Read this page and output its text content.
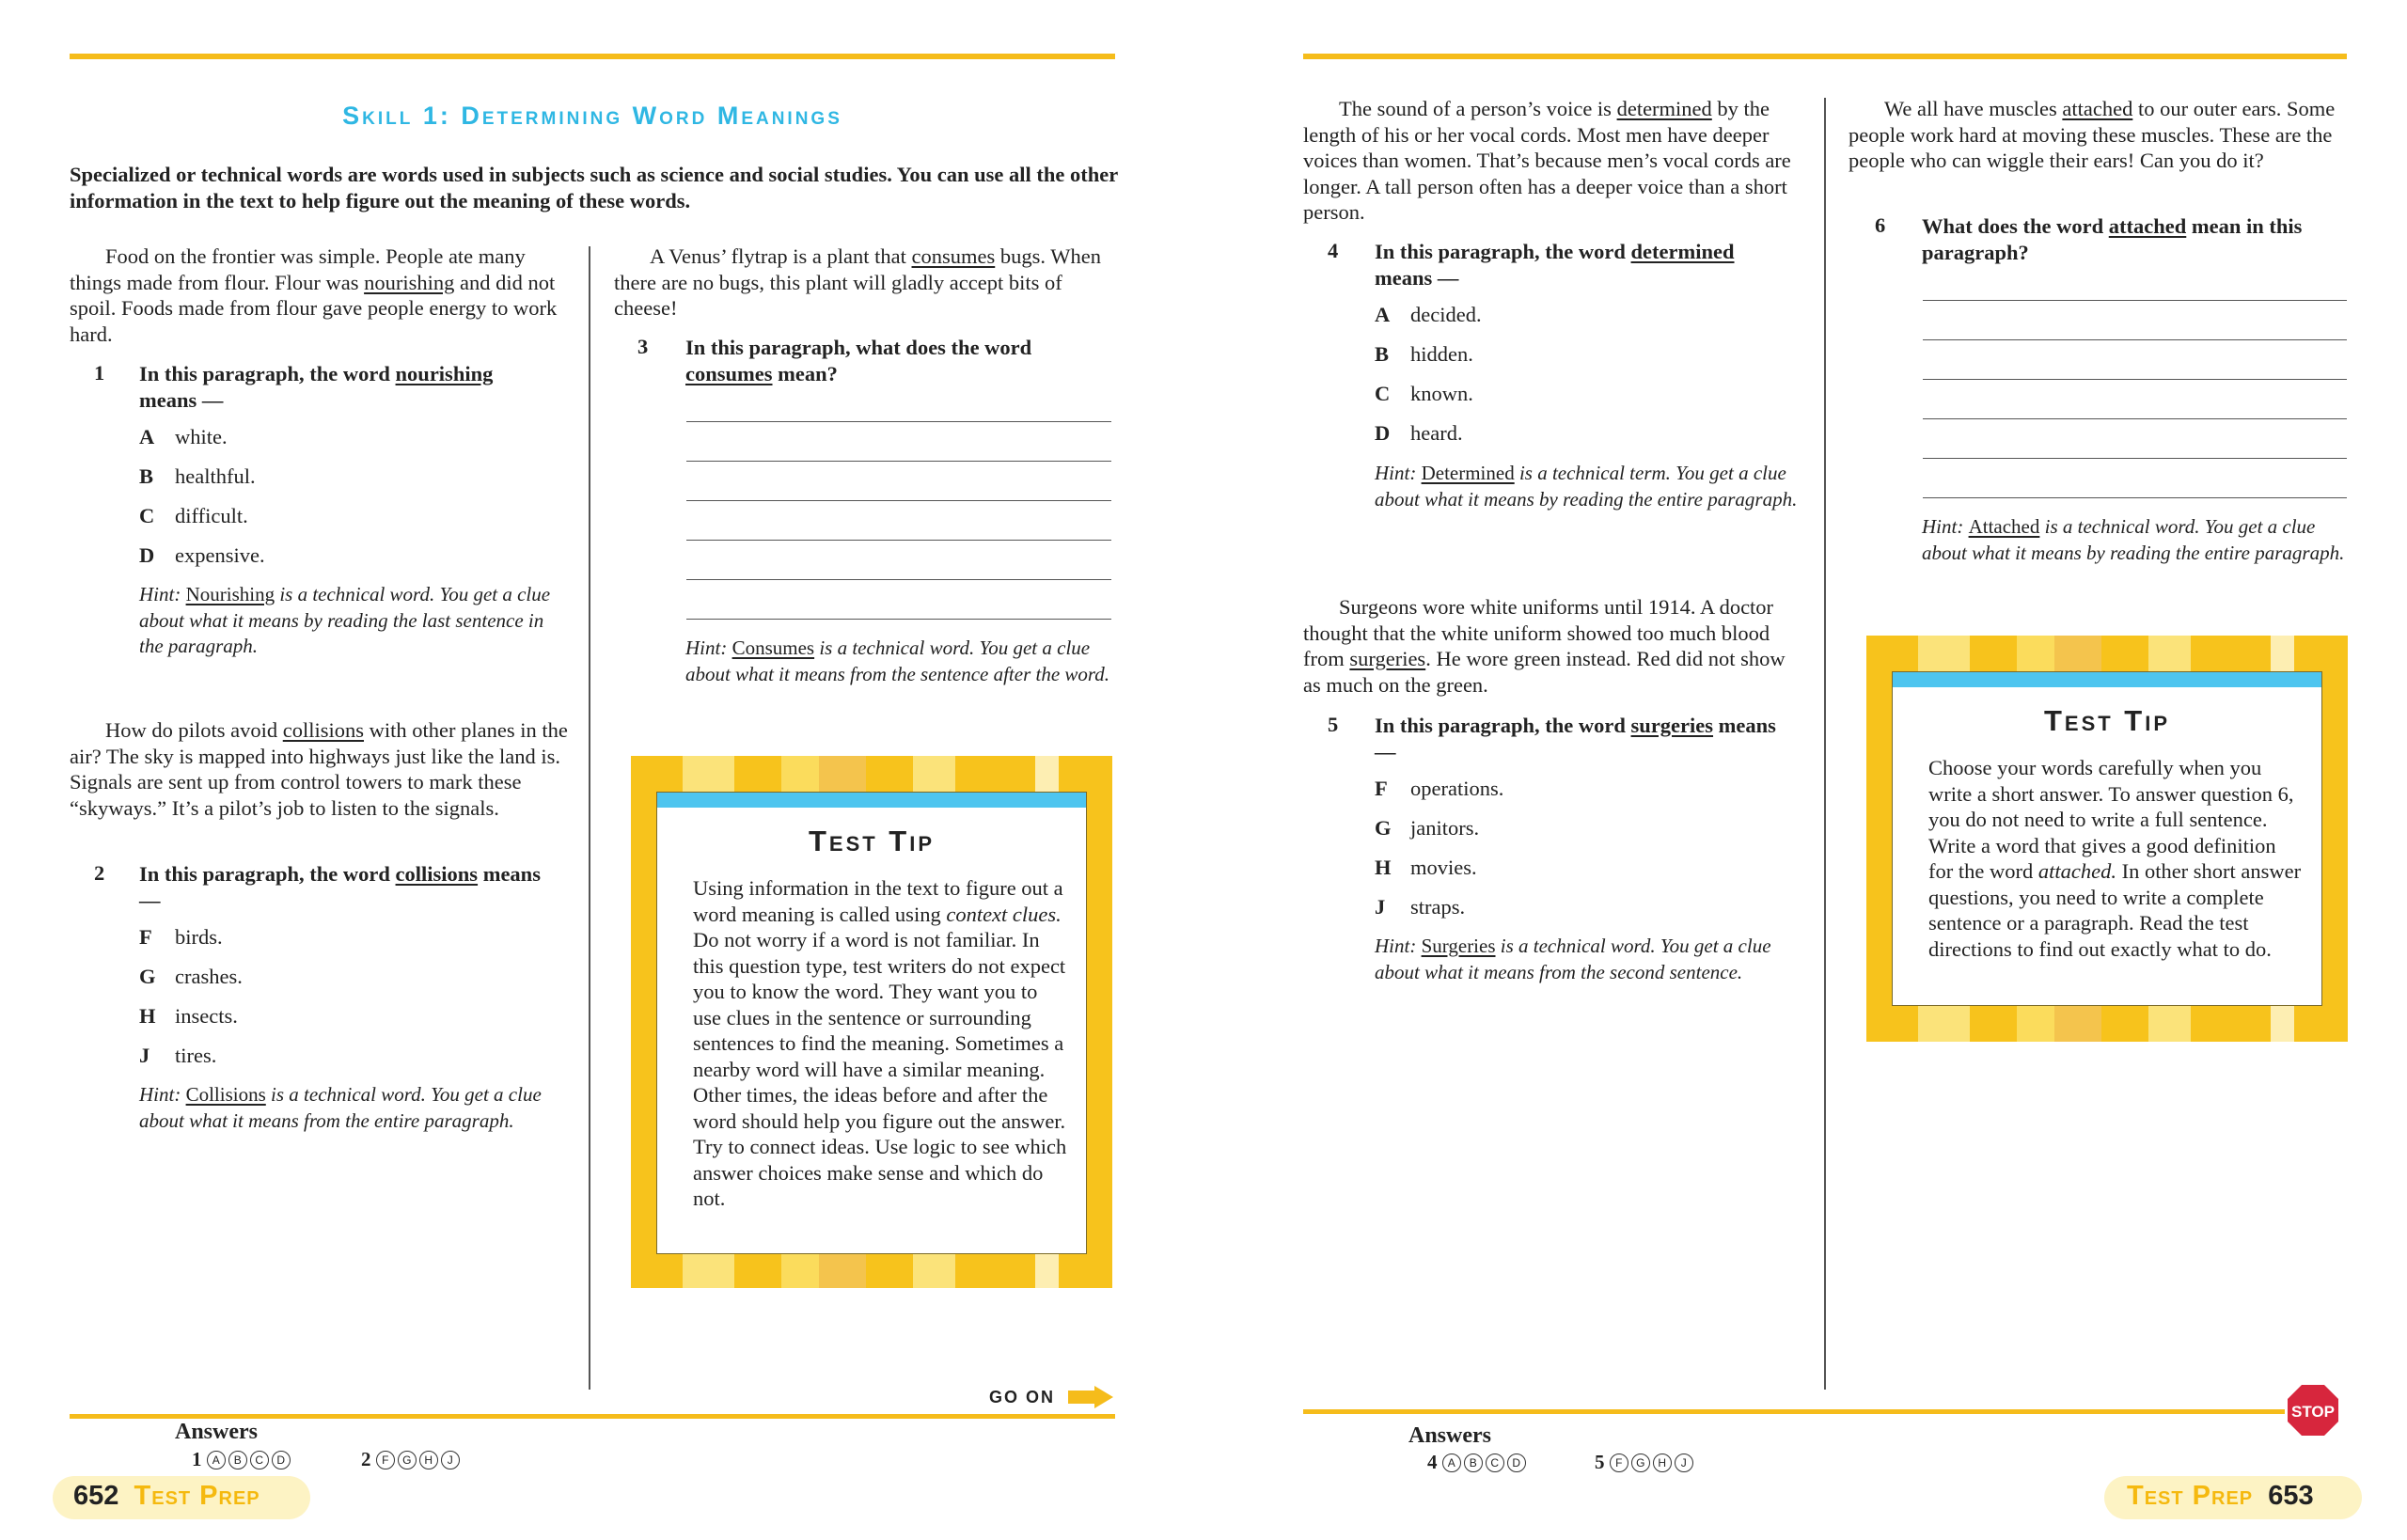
Skill 1: Determining Word Meanings
Specialized or technical words are words used in subjects such as science and social studies. You can use all the other information in the text to help figure out the meaning of these words.
Food on the frontier was simple. People ate many things made from flour. Flour was nourishing and did not spoil. Foods made from flour gave people energy to work hard.
1 In this paragraph, the word nourishing means —
A white.
B healthful.
C difficult.
D expensive.
Hint: Nourishing is a technical word. You get a clue about what it means by reading the last sentence in the paragraph.
How do pilots avoid collisions with other planes in the air? The sky is mapped into highways just like the land is. Signals are sent up from control towers to mark these “skyways.” It’s a pilot’s job to listen to the signals.
2 In this paragraph, the word collisions means —
F birds.
G crashes.
H insects.
J tires.
Hint: Collisions is a technical word. You get a clue about what it means from the entire paragraph.
A Venus’ flytrap is a plant that consumes bugs. When there are no bugs, this plant will gladly accept bits of cheese!
3 In this paragraph, what does the word consumes mean?
Hint: Consumes is a technical word. You get a clue about what it means from the sentence after the word.
Test Tip
Using information in the text to figure out a word meaning is called using context clues. Do not worry if a word is not familiar. In this question type, test writers do not expect you to know the word. They want you to use clues in the sentence or surrounding sentences to find the meaning. Sometimes a nearby word will have a similar meaning. Other times, the ideas before and after the word should help you figure out the answer. Try to connect ideas. Use logic to see which answer choices make sense and which do not.
GO ON
Answers
1 A B C D	2 F G H J
652 Test Prep
The sound of a person’s voice is determined by the length of his or her vocal cords. Most men have deeper voices than women. That’s because men’s vocal cords are longer. A tall person often has a deeper voice than a short person.
4 In this paragraph, the word determined means —
A decided.
B hidden.
C known.
D heard.
Hint: Determined is a technical term. You get a clue about what it means by reading the entire paragraph.
Surgeons wore white uniforms until 1914. A doctor thought that the white uniform showed too much blood from surgeries. He wore green instead. Red did not show as much on the green.
5 In this paragraph, the word surgeries means —
F operations.
G janitors.
H movies.
J straps.
Hint: Surgeries is a technical word. You get a clue about what it means from the second sentence.
We all have muscles attached to our outer ears. Some people work hard at moving these muscles. These are the people who can wiggle their ears! Can you do it?
6 What does the word attached mean in this paragraph?
Hint: Attached is a technical word. You get a clue about what it means by reading the entire paragraph.
Test Tip
Choose your words carefully when you write a short answer. To answer question 6, you do not need to write a full sentence. Write a word that gives a good definition for the word attached. In other short answer questions, you need to write a complete sentence or a paragraph. Read the test directions to find out exactly what to do.
STOP
Answers
4 A B C D	5 F G H J
Test Prep 653
